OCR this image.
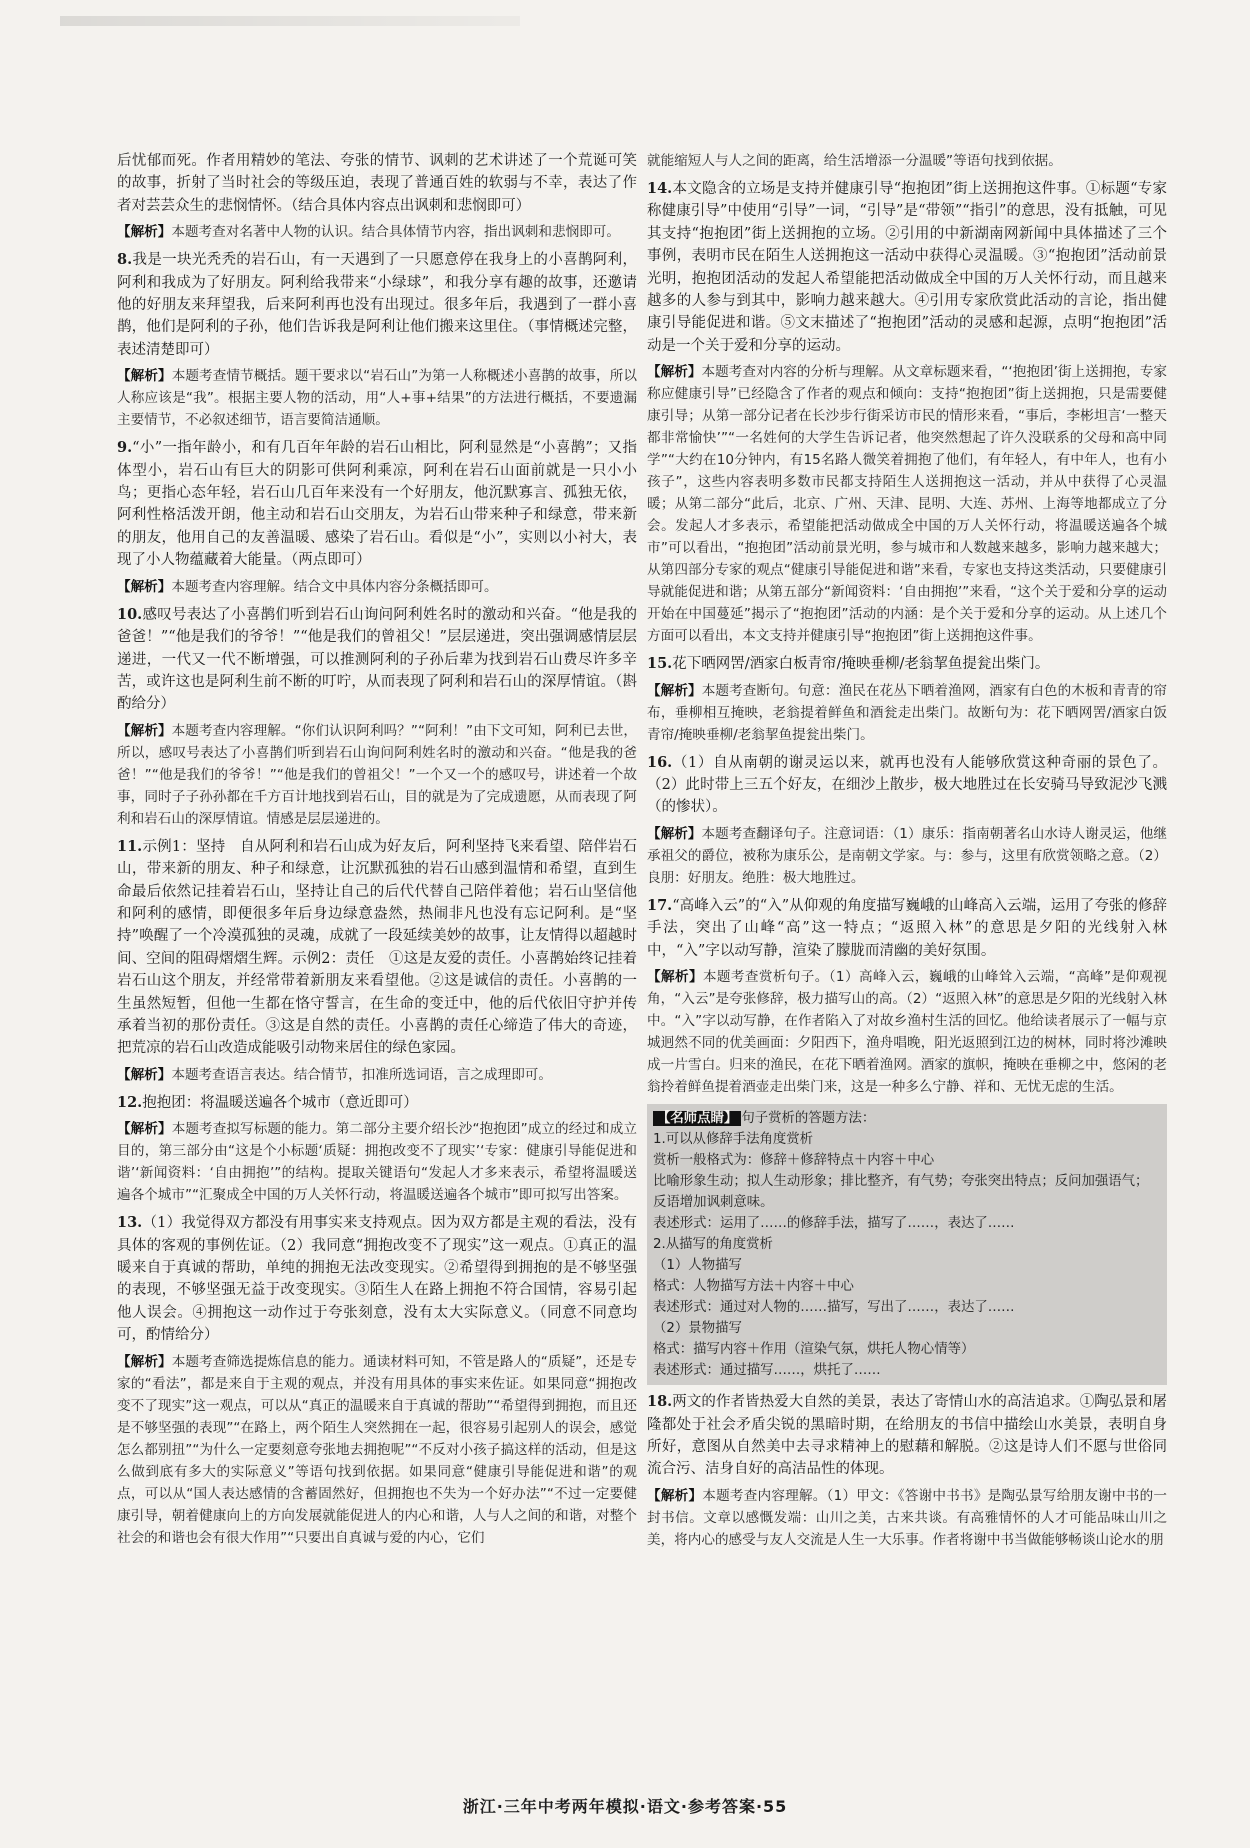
后忧郁而死。作者用精妙的笔法、夸张的情节、讽刺的艺术讲述了一个荒诞可笑的故事，折射了当时社会的等级压迫，表现了普通百姓的软弱与不幸，表达了作者对芸芸众生的悲悯情怀。（结合具体内容点出讽刺和悲悯即可）

【解析】本题考查对名著中人物的认识。结合具体情节内容，指出讽刺和悲悯即可。

8.我是一块光秃秃的岩石山，有一天遇到了一只愿意停在我身上的小喜鹊阿利，阿利和我成为了好朋友。阿利给我带来“小绿球”，和我分享有趣的故事，还邀请他的好朋友来拜望我，后来阿利再也没有出现过。很多年后，我遇到了一群小喜鹊，他们是阿利的子孙，他们告诉我是阿利让他们搬来这里住。（事情概述完整，表述清楚即可）

【解析】本题考查情节概括。题干要求以“岩石山”为第一人称概述小喜鹊的故事，所以人称应该是“我”。根据主要人物的活动，用“人+事+结果”的方法进行概括，不要遗漏主要情节，不必叙述细节，语言要简洁通顺。

9.“小”一指年龄小，和有几百年年龄的岩石山相比，阿利显然是“小喜鹊”；又指体型小，岩石山有巨大的阴影可供阿利乘凉，阿利在岩石山面前就是一只小小鸟；更指心态年轻，岩石山几百年来没有一个好朋友，他沉默寡言、孤独无依，阿利性格活泼开朗，他主动和岩石山交朋友，为岩石山带来种子和绿意，带来新的朋友，他用自己的友善温暖、感染了岩石山。看似是“小”，实则以小衬大，表现了小人物蕴藏着大能量。（两点即可）

【解析】本题考查内容理解。结合文中具体内容分条概括即可。

10.感叹号表达了小喜鹊们听到岩石山询问阿利姓名时的激动和兴奋。“他是我的爸爸！”“他是我们的爷爷！”“他是我们的曾祖父！”层层递进，突出强调感情层层递进，一代又一代不断增强，可以推测阿利的子孙后辈为找到岩石山费尽许多辛苦，或许这也是阿利生前不断的叮咛，从而表现了阿利和岩石山的深厚情谊。（斟酌给分）

【解析】本题考查内容理解。“你们认识阿利吗？”“阿利！”由下文可知，阿利已去世，所以，感叹号表达了小喜鹊们听到岩石山询问阿利姓名时的激动和兴奋。“他是我的爸爸！”“他是我们的爷爷！”“他是我们的曾祖父！”一个又一个的感叹号，讲述着一个故事，同时子子孙孙都在千方百计地找到岩石山，目的就是为了完成遗愿，从而表现了阿利和岩石山的深厚情谊。情感是层层递进的。

11.示例1：坚持　自从阿利和岩石山成为好友后，阿利坚持飞来看望、陪伴岩石山，带来新的朋友、种子和绿意，让沉默孤独的岩石山感到温情和希望，直到生命最后依然记挂着岩石山，坚持让自己的后代代替自己陪伴着他；岩石山坚信他和阿利的感情，即便很多年后身边绿意盎然，热闹非凡也没有忘记阿利。是“坚持”唤醒了一个冷漠孤独的灵魂，成就了一段延续美妙的故事，让友情得以超越时间、空间的阻碍熠熠生辉。示例2：责任　①这是友爱的责任。小喜鹊始终记挂着岩石山这个朋友，并经常带着新朋友来看望他。②这是诚信的责任。小喜鹊的一生虽然短暂，但他一生都在恪守誓言，在生命的变迁中，他的后代依旧守护并传承着当初的那份责任。③这是自然的责任。小喜鹊的责任心缔造了伟大的奇迹，把荒凉的岩石山改造成能吸引动物来居住的绿色家园。

【解析】本题考查语言表达。结合情节，扣准所选词语，言之成理即可。

12.抱抱团：将温暖送遍各个城市（意近即可）

【解析】本题考查拟写标题的能力。第二部分主要介绍长沙“抱抱团”成立的经过和成立目的，第三部分由“这是个小标题‘质疑：拥抱改变不了现实’‘专家：健康引导能促进和谐’‘新闻资料：‘自由拥抱’”的结构。提取关键语句“发起人才多来表示，希望将温暖送遍各个城市”“汇聚成全中国的万人关怀行动，将温暖送遍各个城市”即可拟写出答案。

13.（1）我觉得双方都没有用事实来支持观点。因为双方都是主观的看法，没有具体的客观的事例佐证。（2）我同意“拥抱改变不了现实”这一观点。①真正的温暖来自于真诚的帮助，单纯的拥抱无法改变现实。②希望得到拥抱的是不够坚强的表现，不够坚强无益于改变现实。③陌生人在路上拥抱不符合国情，容易引起他人误会。④拥抱这一动作过于夸张刻意，没有太大实际意义。（同意不同意均可，酌情给分）

【解析】本题考查筛选提炼信息的能力。通读材料可知，不管是路人的“质疑”，还是专家的“看法”，都是来自于主观的观点，并没有用具体的事实来佐证。如果同意“拥抱改变不了现实”这一观点，可以从“真正的温暖来自于真诚的帮助”“希望得到拥抱，而且还是不够坚强的表现”“在路上，两个陌生人突然拥在一起，很容易引起别人的误会，感觉怎么都别扭”“为什么一定要刻意夸张地去拥抱呢”“不反对小孩子搞这样的活动，但是这么做到底有多大的实际意义”等语句找到依据。如果同意“健康引导能促进和谐”的观点，可以从“国人表达感情的含蓄固然好，但拥抱也不失为一个好办法”“不过一定要健康引导，朝着健康向上的方向发展就能促进人的内心和谐，人与人之间的和谐，对整个社会的和谐也会有很大作用”“只要出自真诚与爱的内心，它们

就能缩短人与人之间的距离，给生活增添一分温暖”等语句找到依据。

14.本文隐含的立场是支持并健康引导“抱抱团”街上送拥抱这件事。①标题“专家称健康引导”中使用“引导”一词，“引导”是“带领”“指引”的意思，没有抵触，可见其支持“抱抱团”街上送拥抱的立场。②引用的中新湖南网新闻中具体描述了三个事例，表明市民在陌生人送拥抱这一活动中获得心灵温暖。③“抱抱团”活动前景光明，抱抱团活动的发起人希望能把活动做成全中国的万人关怀行动，而且越来越多的人参与到其中，影响力越来越大。④引用专家欣赏此活动的言论，指出健康引导能促进和谐。⑤文末描述了“抱抱团”活动的灵感和起源，点明“抱抱团”活动是一个关于爱和分享的运动。

【解析】本题考查对内容的分析与理解。从文章标题来看，“‘抱抱团’街上送拥抱，专家称应健康引导”已经隐含了作者的观点和倾向：支持“抱抱团”街上送拥抱，只是需要健康引导；从第一部分记者在长沙步行街采访市民的情形来看，“事后，李彬坦言‘一整天都非常愉快’”“一名姓何的大学生告诉记者，他突然想起了许久没联系的父母和高中同学”“大约在10分钟内，有15名路人微笑着拥抱了他们，有年轻人，有中年人，也有小孩子”，这些内容表明多数市民都支持陌生人送拥抱这一活动，并从中获得了心灵温暖；从第二部分“此后，北京、广州、天津、昆明、大连、苏州、上海等地都成立了分会。发起人才多表示，希望能把活动做成全中国的万人关怀行动，将温暖送遍各个城市”可以看出，“抱抱团”活动前景光明，参与城市和人数越来越多，影响力越来越大；从第四部分专家的观点“健康引导能促进和谐”来看，专家也支持这类活动，只要健康引导就能促进和谐；从第五部分“新闻资料：‘自由拥抱’”来看，“这个关于爱和分享的运动开始在中国蔓延”揭示了“抱抱团”活动的内涵：是个关于爱和分享的运动。从上述几个方面可以看出，本文支持并健康引导“抱抱团”街上送拥抱这件事。

15.花下晒网罟/酒家白板青帘/掩映垂柳/老翁挈鱼提瓮出柴门。

【解析】本题考查断句。句意：渔民在花丛下晒着渔网，酒家有白色的木板和青青的帘布，垂柳相互掩映，老翁提着鲜鱼和酒瓮走出柴门。故断句为：花下晒网罟/酒家白饭青帘/掩映垂柳/老翁挈鱼提瓮出柴门。

16.（1）自从南朝的谢灵运以来，就再也没有人能够欣赏这种奇丽的景色了。（2）此时带上三五个好友，在细沙上散步，极大地胜过在长安骑马导致泥沙飞溅（的惨状）。

【解析】本题考查翻译句子。注意词语：（1）康乐：指南朝著名山水诗人谢灵运，他继承祖父的爵位，被称为康乐公，是南朝文学家。与：参与，这里有欣赏领略之意。（2）良朋：好朋友。绝胜：极大地胜过。

17.“高峰入云”的“入”从仰观的角度描写巍峨的山峰高入云端，运用了夸张的修辞手法，突出了山峰“高”这一特点；“返照入林”的意思是夕阳的光线射入林中，“入”字以动写静，渲染了朦胧而清幽的美好氛围。

【解析】本题考查赏析句子。（1）高峰入云，巍峨的山峰耸入云端，“高峰”是仰观视角，“入云”是夸张修辞，极力描写山的高。（2）“返照入林”的意思是夕阳的光线射入林中。“入”字以动写静，在作者陷入了对故乡渔村生活的回忆。他给读者展示了一幅与京城迥然不同的优美画面：夕阳西下，渔舟唱晚，阳光返照到江边的树林，同时将沙滩映成一片雪白。归来的渔民，在花下晒着渔网。酒家的旗帜，掩映在垂柳之中，悠闲的老翁拎着鲜鱼提着酒壶走出柴门来，这是一种多么宁静、祥和、无忧无虑的生活。

【名师点睛】 句子赏析的答题方法：
1.可以从修辞手法角度赏析
赏析一般格式为：修辞＋修辞特点＋内容＋中心
比喻形象生动；拟人生动形象；排比整齐，有气势；夸张突出特点；反问加强语气；反语增加讽刺意味。
表述形式：运用了……的修辞手法，描写了……，表达了……
2.从描写的角度赏析
（1）人物描写
格式：人物描写方法＋内容＋中心
表述形式：通过对人物的……描写，写出了……，表达了……
（2）景物描写
格式：描写内容＋作用（渲染气氛，烘托人物心情等）
表述形式：通过描写……，烘托了……

18.两文的作者皆热爱大自然的美景，表达了寄情山水的高洁追求。①陶弘景和屠隆都处于社会矛盾尖锐的黑暗时期，在给朋友的书信中描绘山水美景，表明自身所好，意图从自然美中去寻求精神上的慰藉和解脱。②这是诗人们不愿与世俗同流合污、洁身自好的高洁品性的体现。

【解析】本题考查内容理解。（1）甲文：《答谢中书书》是陶弘景写给朋友谢中书的一封书信。文章以感慨发端：山川之美，古来共谈。有高雅情怀的人才可能品味山川之美，将内心的感受与友人交流是人生一大乐事。作者将谢中书当做能够畅谈山论水的朋

浙江·三年中考两年模拟·语文·参考答案·55
